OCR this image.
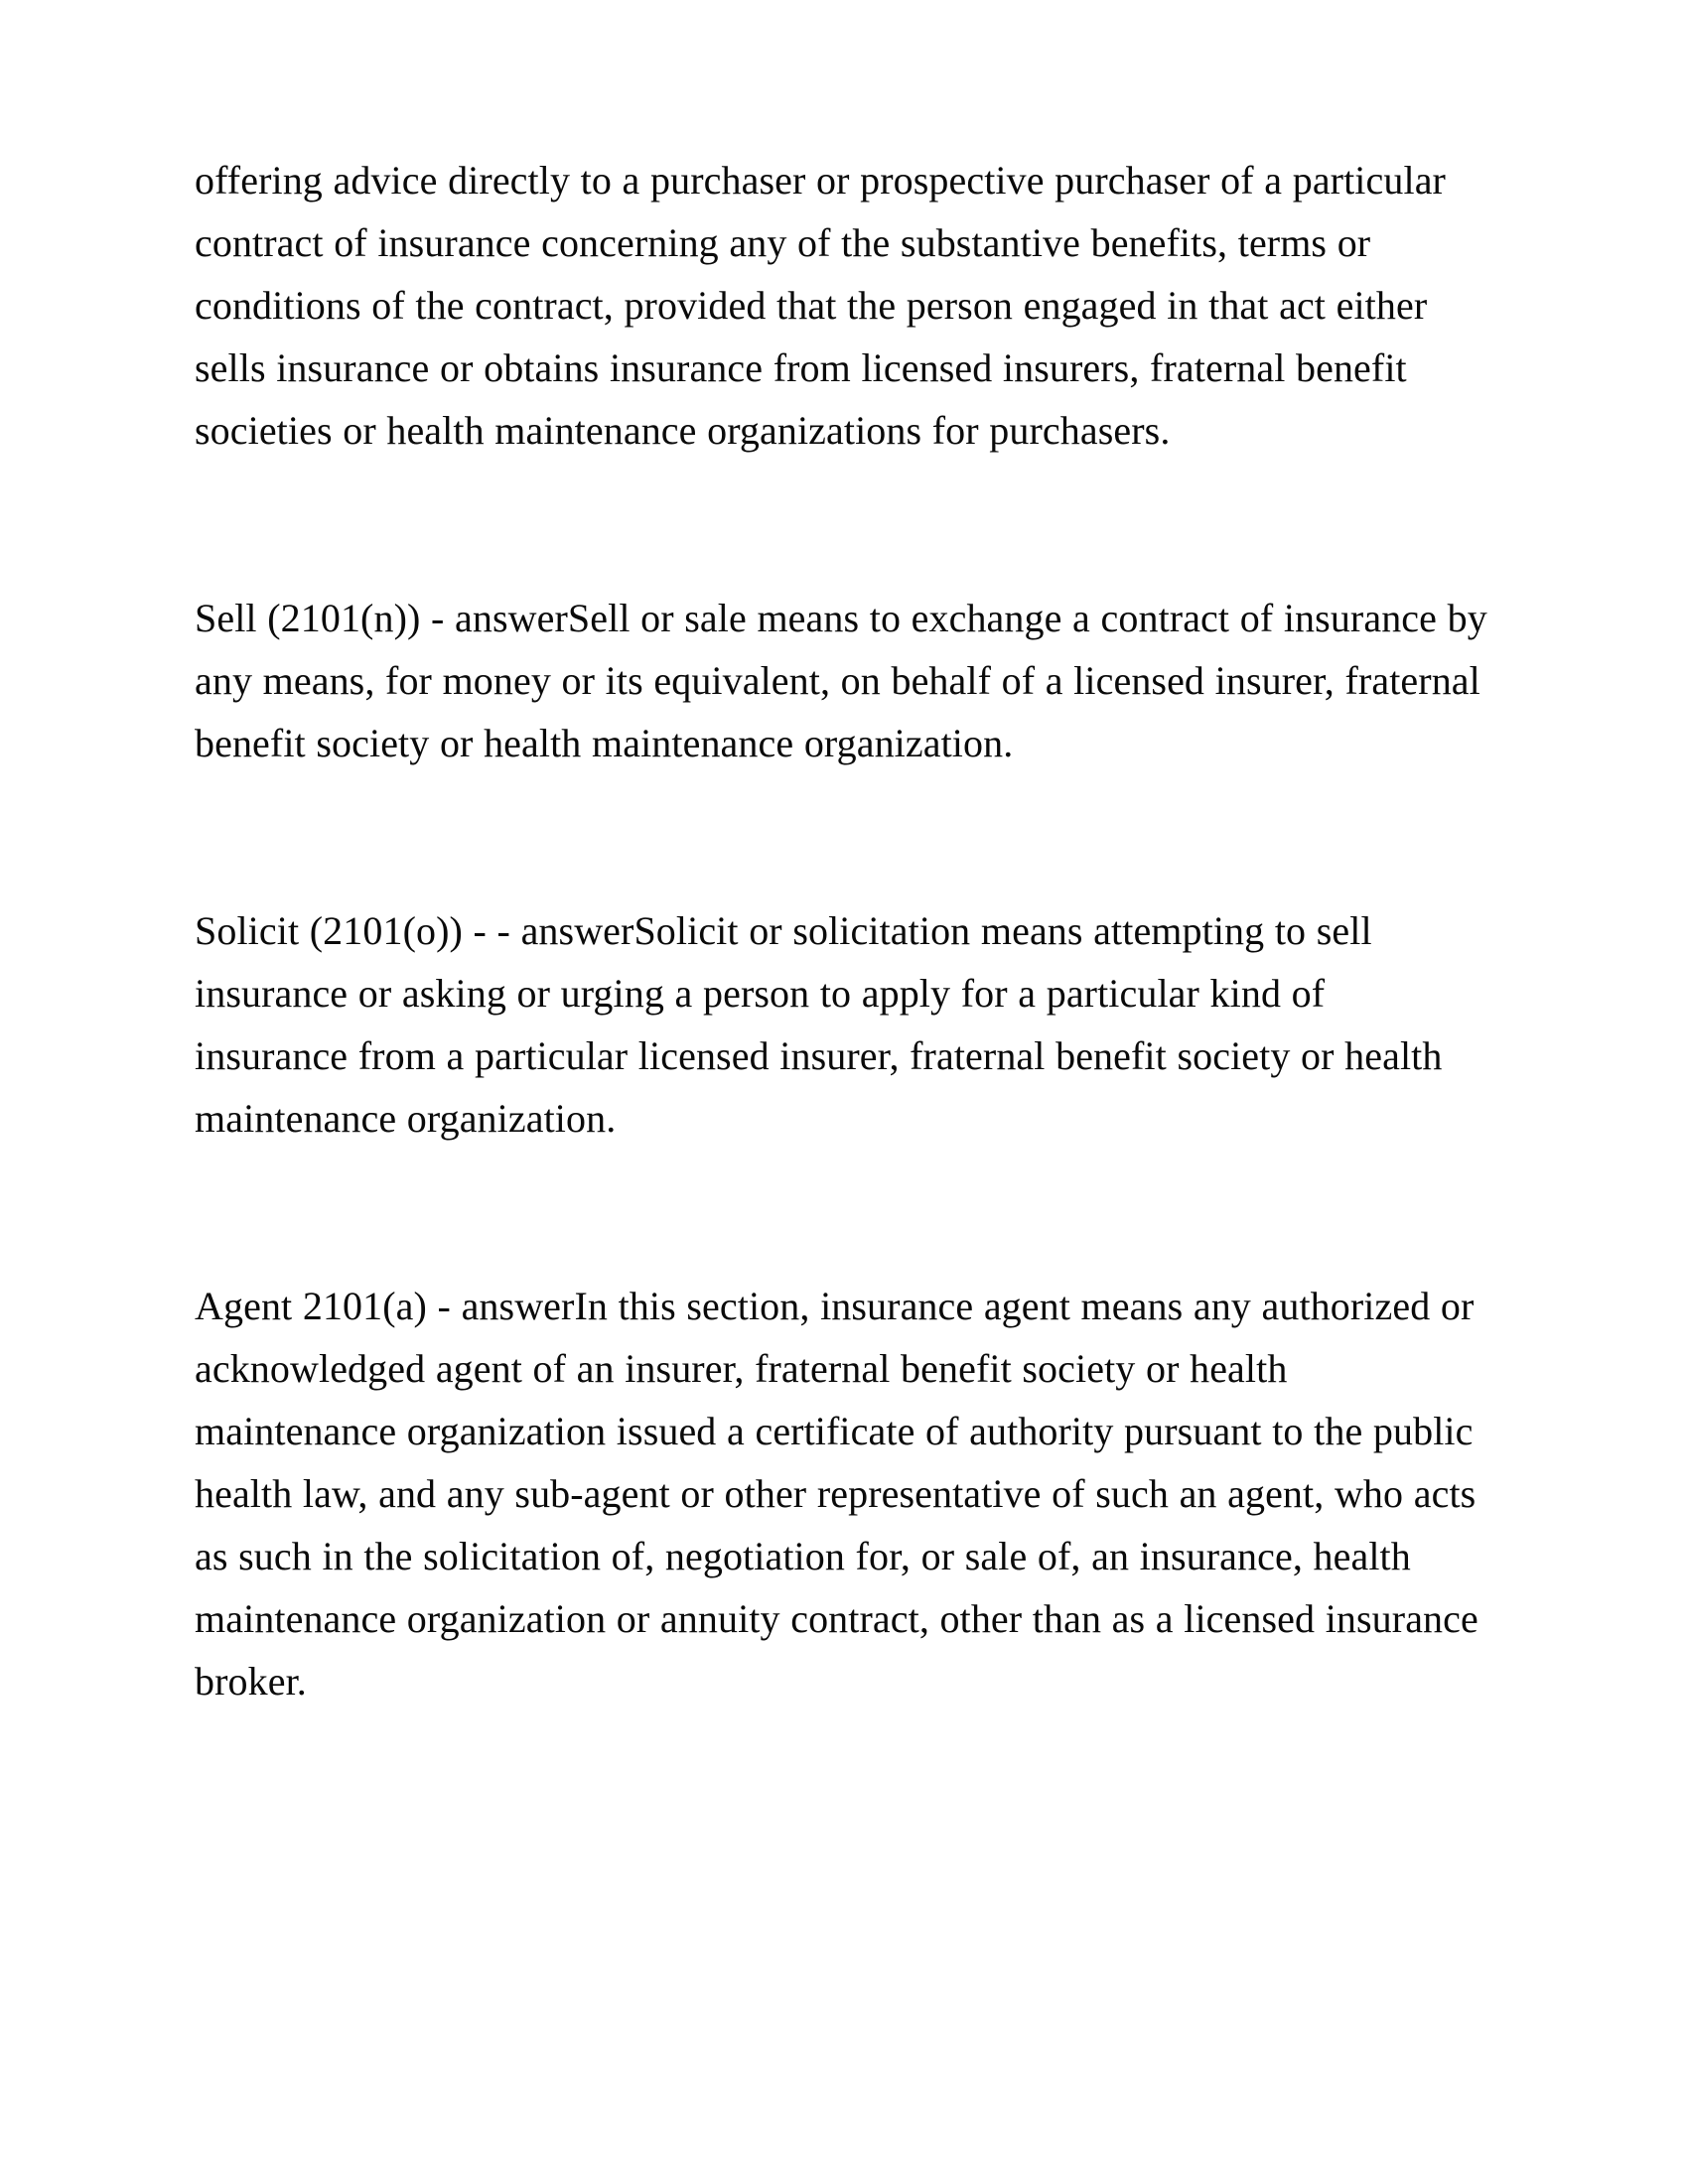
offering advice directly to a purchaser or prospective purchaser of a particular contract of insurance concerning any of the substantive benefits, terms or conditions of the contract, provided that the person engaged in that act either sells insurance or obtains insurance from licensed insurers, fraternal benefit societies or health maintenance organizations for purchasers.

Sell (2101(n)) - answerSell or sale means to exchange a contract of insurance by any means, for money or its equivalent, on behalf of a licensed insurer, fraternal benefit society or health maintenance organization.

Solicit (2101(o)) - - answerSolicit or solicitation means attempting to sell insurance or asking or urging a person to apply for a particular kind of insurance from a particular licensed insurer, fraternal benefit society or health maintenance organization.

Agent 2101(a) - answerIn this section, insurance agent means any authorized or acknowledged agent of an insurer, fraternal benefit society or health maintenance organization issued a certificate of authority pursuant to the public health law, and any sub-agent or other representative of such an agent, who acts as such in the solicitation of, negotiation for, or sale of, an insurance, health maintenance organization or annuity contract, other than as a licensed insurance broker.
